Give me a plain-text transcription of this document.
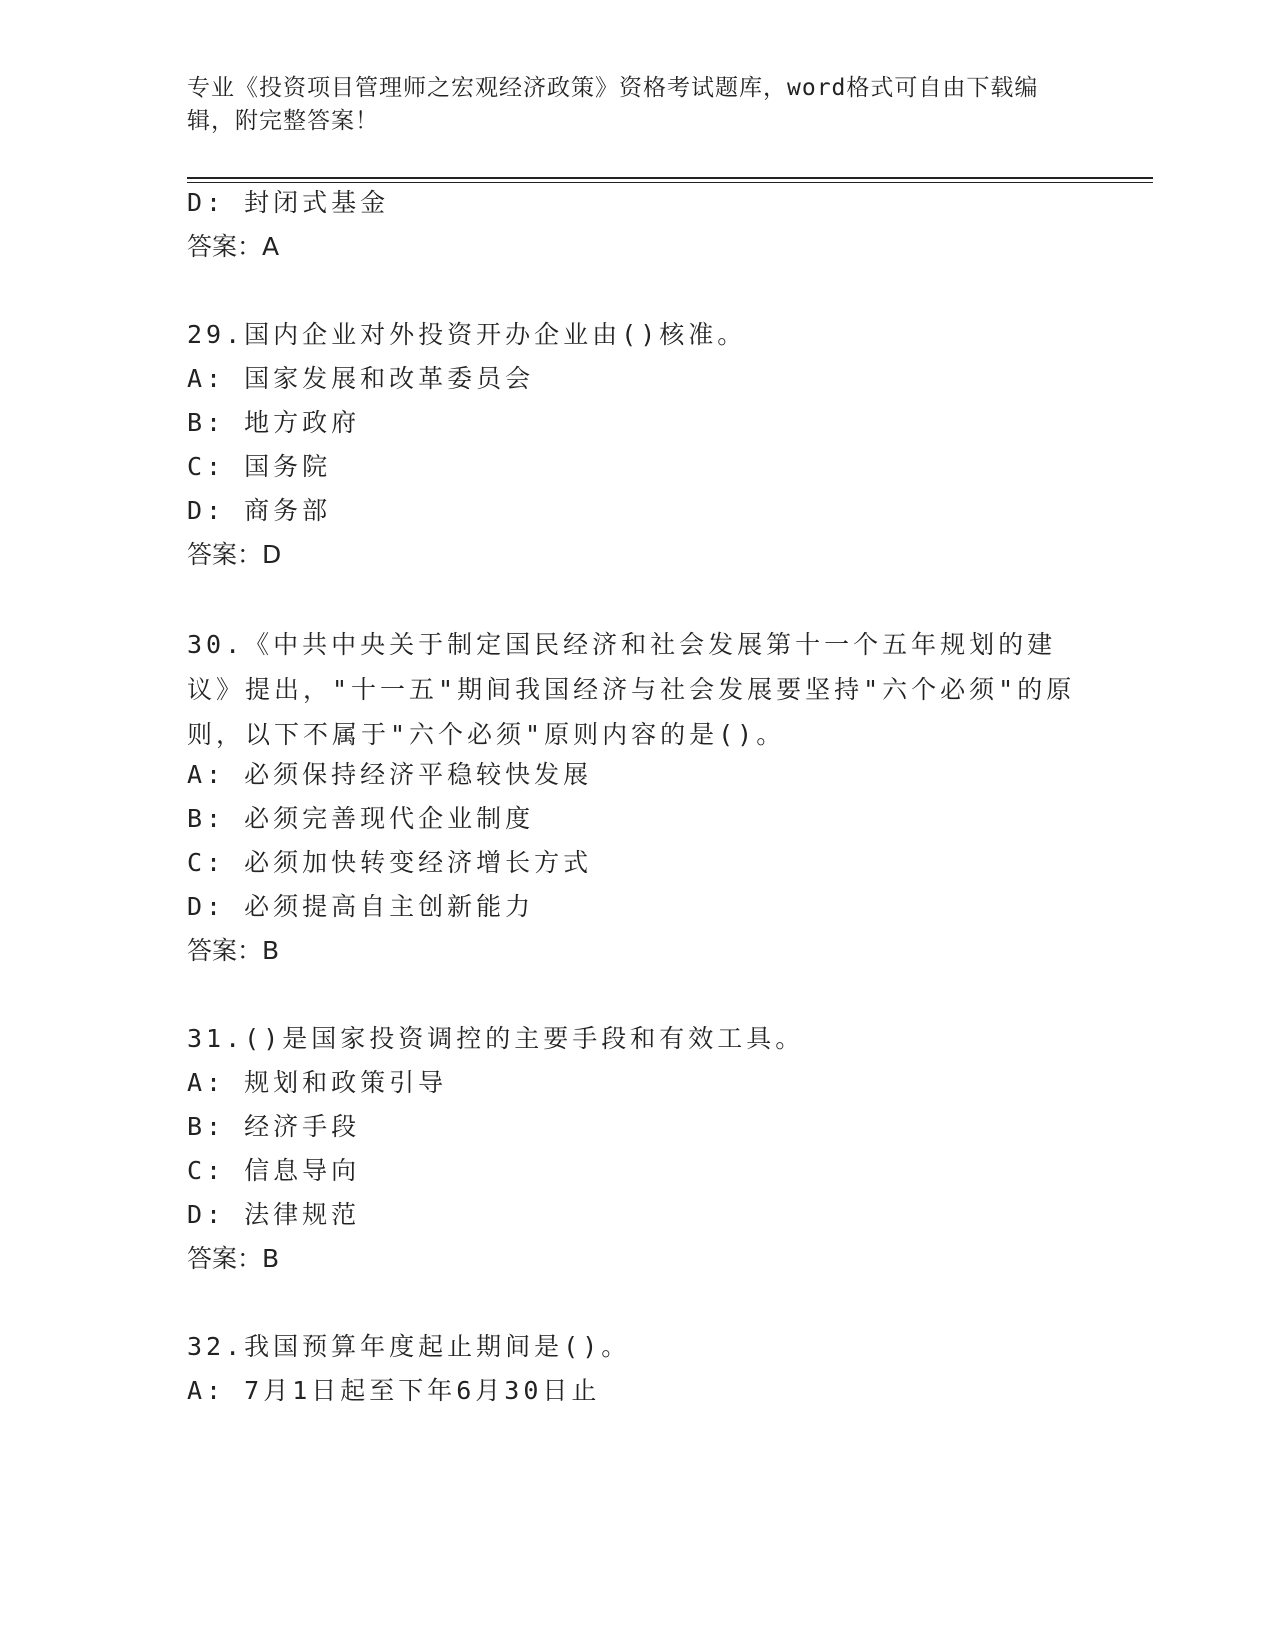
专业《投资项目管理师之宏观经济政策》资格考试题库，word格式可自由下载编辑，附完整答案！
D: 封闭式基金
答案：A
29.国内企业对外投资开办企业由()核准。
A: 国家发展和改革委员会
B: 地方政府
C: 国务院
D: 商务部
答案：D
30.《中共中央关于制定国民经济和社会发展第十一个五年规划的建议》提出，"十一五"期间我国经济与社会发展要坚持"六个必须"的原则，以下不属于"六个必须"原则内容的是()。
A: 必须保持经济平稳较快发展
B: 必须完善现代企业制度
C: 必须加快转变经济增长方式
D: 必须提高自主创新能力
答案：B
31.()是国家投资调控的主要手段和有效工具。
A: 规划和政策引导
B: 经济手段
C: 信息导向
D: 法律规范
答案：B
32.我国预算年度起止期间是()。
A: 7月1日起至下年6月30日止
